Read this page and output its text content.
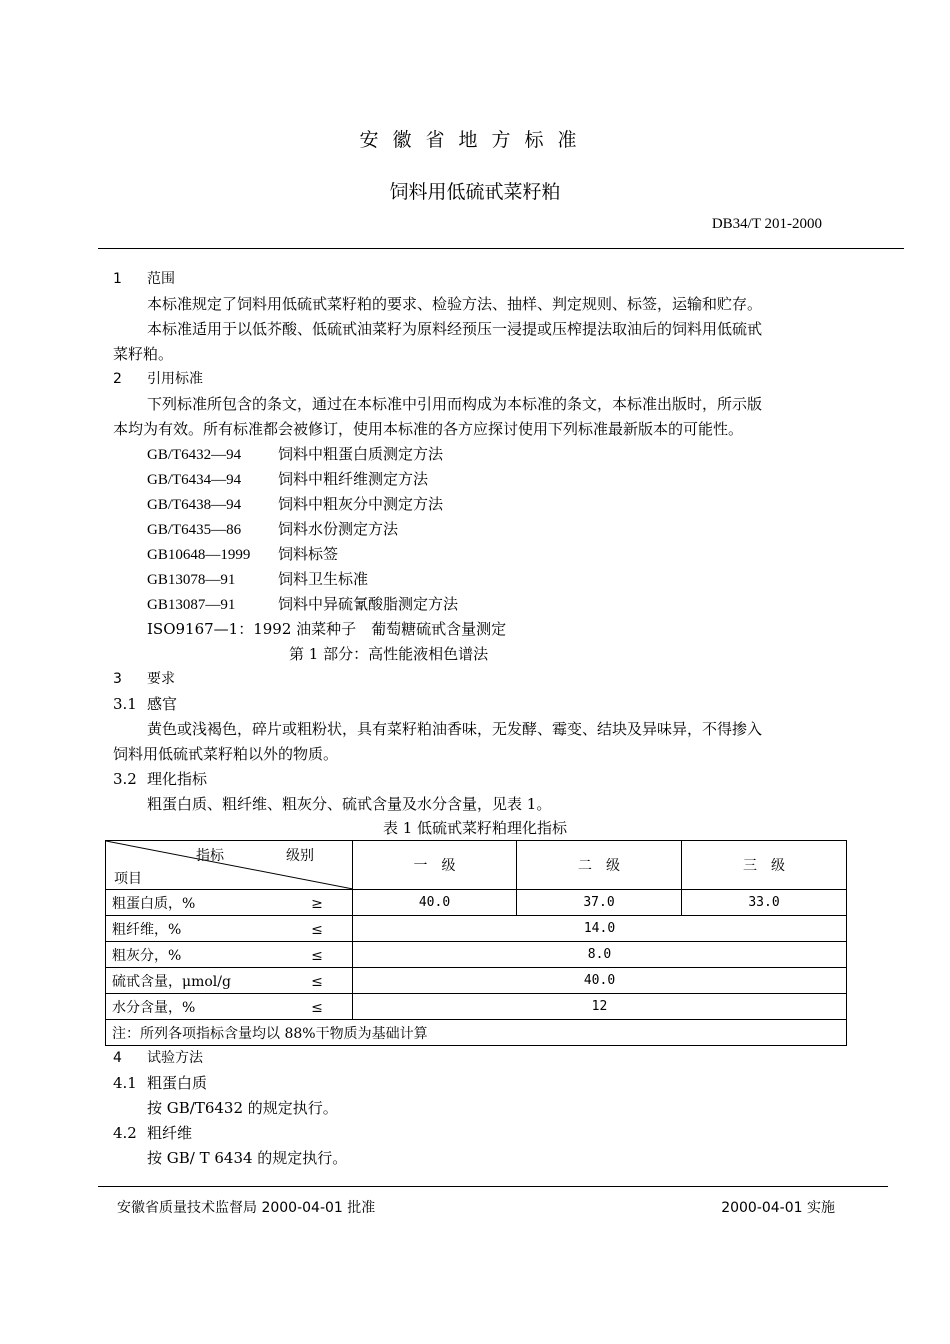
安徽省地方标准
饲料用低硫甙菜籽粕
DB34/T 201-2000
1 范围
本标准规定了饲料用低硫甙菜籽粕的要求、检验方法、抽样、判定规则、标签，运输和贮存。
本标准适用于以低芥酸、低硫甙油菜籽为原料经预压一浸提或压榨提法取油后的饲料用低硫甙
菜籽粕。
2 引用标准
下列标准所包含的条文，通过在本标准中引用而构成为本标准的条文，本标准出版时，所示版
本均为有效。所有标准都会被修订，使用本标准的各方应探讨使用下列标准最新版本的可能性。
GB/T6432—94 饲料中粗蛋白质测定方法
GB/T6434—94 饲料中粗纤维测定方法
GB/T6438—94 饲料中粗灰分中测定方法
GB/T6435—86 饲料水份测定方法
GB10648—1999 饲料标签
GB13078—91	饲料卫生标准
GB13087—91	饲料中异硫氰酸脂测定方法
ISO9167—1：1992 油菜种子　葡萄糖硫甙含量测定
第 1 部分：高性能液相色谱法
3 要求
3.1 感官
黄色或浅褐色，碎片或粗粉状，具有菜籽粕油香味，无发酵、霉变、结块及异味异，不得掺入
饲料用低硫甙菜籽粕以外的物质。
3.2 理化指标
粗蛋白质、粗纤维、粗灰分、硫甙含量及水分含量，见表 1。
表 1 低硫甙菜籽粕理化指标
指标 级别
项目	一　级	二　级	三　级
粗蛋白质，% ≥	40.0	37.0	33.0
粗纤维，% ≤	14.0		
粗灰分，% ≤	8.0		
硫甙含量，μmol/g ≤	40.0		
水分含量，% ≤	12		
注：所列各项指标含量均以 88%干物质为基础计算			
4 试验方法
4.1 粗蛋白质
按 GB/T6432 的规定执行。
4.2 粗纤维
按 GB/ T 6434 的规定执行。
安徽省质量技术监督局 2000-04-01 批准	2000-04-01 实施
